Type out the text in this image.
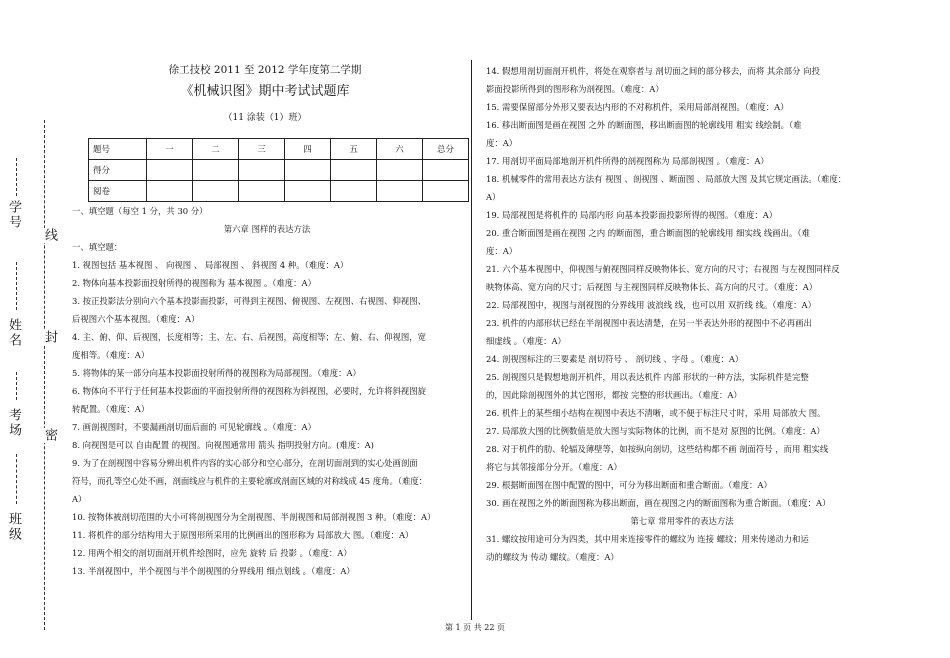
学号
线
姓名 封
考场 密
班级
徐工技校 2011 至 2012 学年度第二学期
《机械识图》期中考试试题库
（11 涂装（1）班）
题号	一	二	三	四	五	六	总分
得分							
阅卷							

一、填空题（每空 1 分，共 30 分）

第六章 图样的表达方法

一、填空题：

1. 视图包括 基本视图 、 向视图 、 局部视图 、 斜视图 4 种。（难度：A）

2. 物体向基本投影面投射所得的视图称为 基本视图 。（难度：A）

3. 按正投影法分别向六个基本投影面投影，可得到主视图、俯视图、左视图、右视图、仰视图、

后视图六个基本视图。（难度：A）

4. 主、俯、仰、后视图，长度相等；主、左、右、后视图，高度相等；左、俯、右、仰视图，宽

度相等。（难度：A）

5. 将物体的某一部分向基本投影面投射所得的视图称为局部视图。（难度：A）

6. 物体向不平行于任何基本投影面的平面投射所得的视图称为斜视图，必要时，允许将斜视图旋

转配置。（难度：A）

7. 画剖视图时，不要漏画剖切面后面的 可见轮廓线 。（难度：A）

8. 向视图是可以 自由配置 的视图。向视图通常用 箭头 指明投射方向。(难度：A)

9. 为了在剖视图中容易分辨出机件内容的实心部分和空心部分，在剖切面剖到的实心处画剖面

符号，而孔等空心处不画，剖面线应与机件的主要轮廓或剖面区域的对称线成 45 度角。（难度：

A）

10. 按物体被剖切范围的大小可将剖视图分为全剖视图、半剖视图和局部剖视图 3 种。（难度：A）

11. 将机件的部分结构用大于原图形所采用的比例画出的图形称为 局部放大 图。（难度：A）

12. 用两个相交的剖切面剖开机件绘图时，应先 旋转 后 投影 。（难度：A）

13. 半剖视图中，半个视图与半个剖视图的分界线用 细点划线 。（难度：A）

14. 假想用剖切面剖开机件，将处在观察者与 剖切面之间的部分移去，而将 其余部分 向投

影面投影所得到的图形称为剖视图。（难度：A）

15. 需要保留部分外形又要表达内形的不对称机件，采用局部剖视图。（难度：A）

16. 移出断面图是画在视图 之外 的断面图，移出断面图的轮廓线用 粗实 线绘制。（难

度：A）

17. 用剖切平面局部地剖开机件所得的剖视图称为 局部剖视图 。（难度：A）

18. 机械零件的常用表达方法有 视图 、剖视图 、断面图 、局部放大图 及其它规定画法。（难度：

A）

19. 局部视图是将机件的 局部内形 向基本投影面投影所得的视图。（难度：A）

20. 重合断面图是画在视图 之内 的断面图，重合断面图的轮廓线用 细实线 线画出。（难

度：A）

21. 六个基本视图中，仰视图与俯视图同样反映物体长、宽方向的尺寸；右视图 与左视图同样反

映物体高、宽方向的尺寸；后视图 与主视图同样反映物体长、高方向的尺寸。（难度：A）

22. 局部视图中，视图与剖视图的分界线用 波浪线 线，也可以用 双折线 线。（难度：A）

23. 机件的内部形状已经在半剖视图中表达清楚，在另一半表达外形的视图中不必再画出

细虚线 。（难度：A）

24. 剖视图标注的三要素是 剖切符号 、 剖切线 、字母 。（难度：A）

25. 剖视图只是假想地剖开机件，用以表达机件 内部 形状的一种方法，实际机件是完整

的，因此除剖视图外的其它图形，都按 完整的形状画出。（难度：A）

26. 机件上的某些细小结构在视图中表达不清晰，或不便于标注尺寸时，采用 局部放大 图。

27. 局部放大图的比例数值是放大图与实际物体的比例，而不是对 原图的比例。（难度：A）

28. 对于机件的肋、轮辐及薄壁等，如按纵向剖切，这些结构都不画 剖面符号 ，而用 粗实线

将它与其邻接部分分开。（难度：A）

29. 根据断面图在图中配置的图中，可分为移出断面和重合断面。（难度：A）

30. 画在视图之外的断面图称为移出断面，画在视图之内的断面图称为重合断面。（难度：A）

第七章 常用零件的表达方法

31. 螺纹按用途可分为四类，其中用来连接零件的螺纹为 连接 螺纹；用来传递动力和运

动的螺纹为 传动 螺纹。（难度：A）

第 1 页 共 22 页
